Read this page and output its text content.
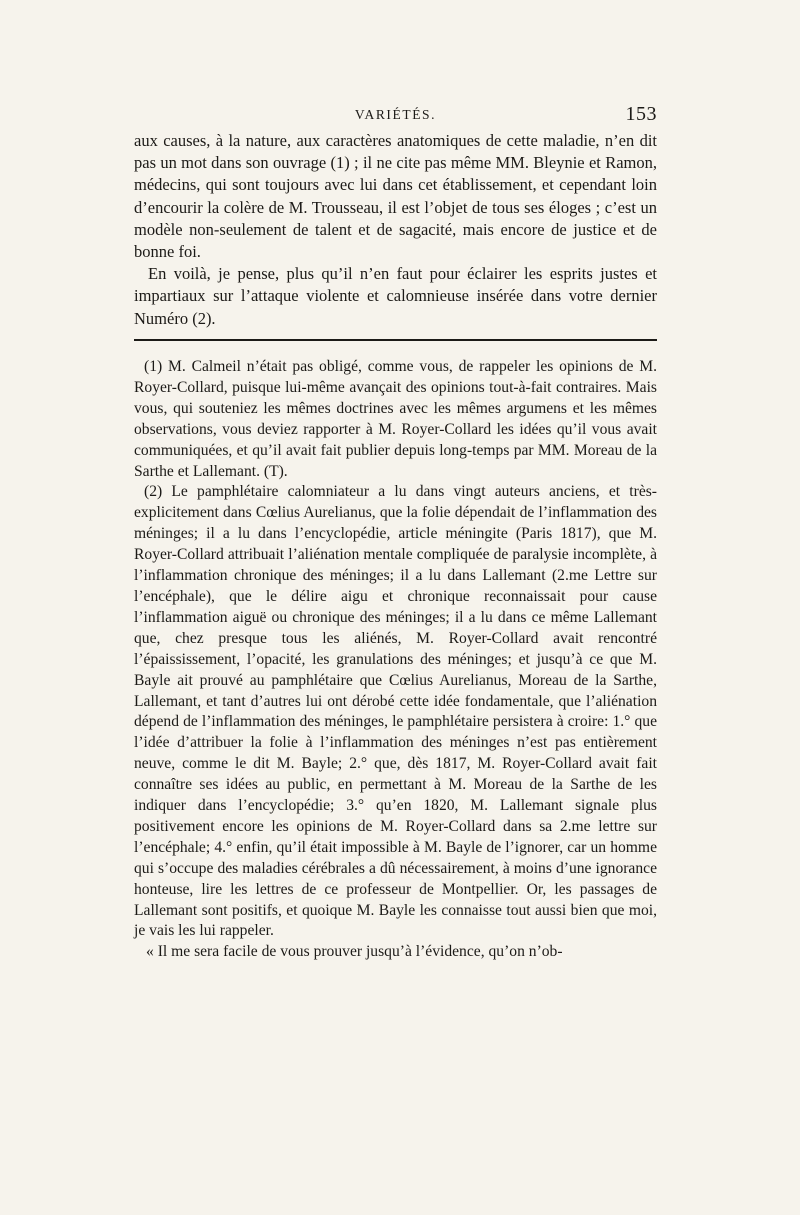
VARIÉTÉS.	153

aux causes, à la nature, aux caractères anatomiques de cette maladie, n’en dit pas un mot dans son ouvrage (1) ; il ne cite pas même MM. Bleynie et Ramon, médecins, qui sont toujours avec lui dans cet établissement, et cependant loin d’encourir la colère de M. Trousseau, il est l’objet de tous ses éloges ; c’est un modèle non-seulement de talent et de sagacité, mais encore de justice et de bonne foi.

En voilà, je pense, plus qu’il n’en faut pour éclairer les esprits justes et impartiaux sur l’attaque violente et calomnieuse insérée dans votre dernier Numéro (2).

(1) M. Calmeil n’était pas obligé, comme vous, de rappeler les opinions de M. Royer-Collard, puisque lui-même avançait des opinions tout-à-fait contraires. Mais vous, qui souteniez les mêmes doctrines avec les mêmes argumens et les mêmes observations, vous deviez rapporter à M. Royer-Collard les idées qu’il vous avait communiquées, et qu’il avait fait publier depuis long-temps par MM. Moreau de la Sarthe et Lallemant. (T).

(2) Le pamphlétaire calomniateur a lu dans vingt auteurs anciens, et très-explicitement dans Cœlius Aurelianus, que la folie dépendait de l’inflammation des méninges; il a lu dans l’encyclopédie, article méningite (Paris 1817), que M. Royer-Collard attribuait l’aliénation mentale compliquée de paralysie incomplète, à l’inflammation chronique des méninges; il a lu dans Lallemant (2.me Lettre sur l’encéphale), que le délire aigu et chronique reconnaissait pour cause l’inflammation aiguë ou chronique des méninges; il a lu dans ce même Lallemant que, chez presque tous les aliénés, M. Royer-Collard avait rencontré l’épaississement, l’opacité, les granulations des méninges; et jusqu’à ce que M. Bayle ait prouvé au pamphlétaire que Cœlius Aurelianus, Moreau de la Sarthe, Lallemant, et tant d’autres lui ont dérobé cette idée fondamentale, que l’aliénation dépend de l’inflammation des méninges, le pamphlétaire persistera à croire: 1.° que l’idée d’attribuer la folie à l’inflammation des méninges n’est pas entièrement neuve, comme le dit M. Bayle; 2.° que, dès 1817, M. Royer-Collard avait fait connaître ses idées au public, en permettant à M. Moreau de la Sarthe de les indiquer dans l’encyclopédie; 3.° qu’en 1820, M. Lallemant signale plus positivement encore les opinions de M. Royer-Collard dans sa 2.me lettre sur l’encéphale; 4.° enfin, qu’il était impossible à M. Bayle de l’ignorer, car un homme qui s’occupe des maladies cérébrales a dû nécessairement, à moins d’une ignorance honteuse, lire les lettres de ce professeur de Montpellier. Or, les passages de Lallemant sont positifs, et quoique M. Bayle les connaisse tout aussi bien que moi, je vais les lui rappeler.

« Il me sera facile de vous prouver jusqu’à l’évidence, qu’on n’ob-
